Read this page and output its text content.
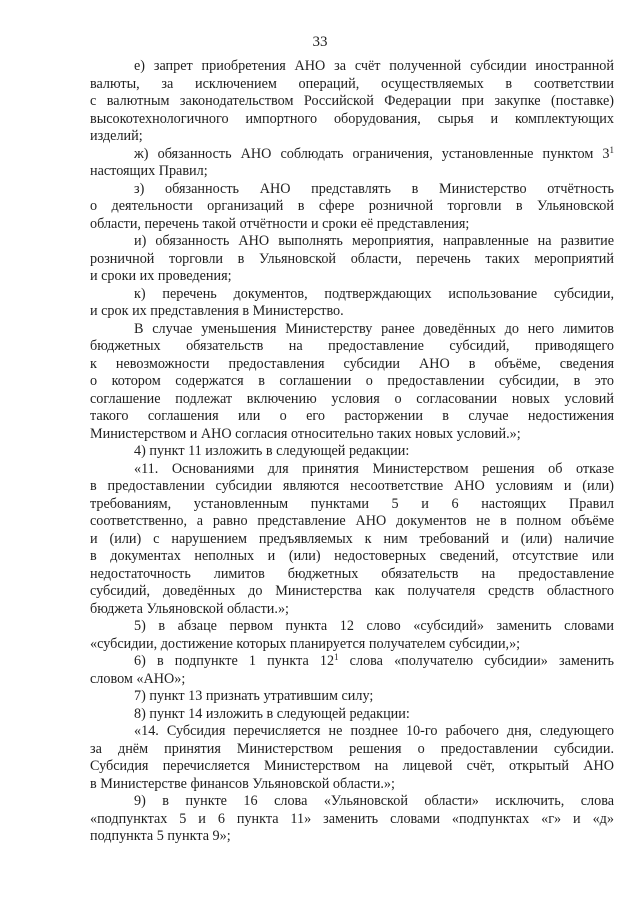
33
е) запрет приобретения АНО за счёт полученной субсидии иностранной
валюты, за исключением операций, осуществляемых в соответствии
с валютным законодательством Российской Федерации при закупке (поставке)
высокотехнологичного импортного оборудования, сырья и комплектующих
изделий;
ж) обязанность АНО соблюдать ограничения, установленные пунктом $3^1$
настоящих Правил;
з) обязанность АНО представлять в Министерство отчётность
о деятельности организаций в сфере розничной торговли в Ульяновской
области, перечень такой отчётности и сроки её представления;
и) обязанность АНО выполнять мероприятия, направленные на развитие
розничной торговли в Ульяновской области, перечень таких мероприятий
и сроки их проведения;
к) перечень документов, подтверждающих использование субсидии,
и срок их представления в Министерство.
В случае уменьшения Министерству ранее доведённых до него лимитов
бюджетных обязательств на предоставление субсидий, приводящего
к невозможности предоставления субсидии АНО в объёме, сведения
о котором содержатся в соглашении о предоставлении субсидии, в это
соглашение подлежат включению условия о согласовании новых условий
такого соглашения или о его расторжении в случае недостижения
Министерством и АНО согласия относительно таких новых условий.»;
4) пункт 11 изложить в следующей редакции:
«11. Основаниями для принятия Министерством решения об отказе
в предоставлении субсидии являются несоответствие АНО условиям и (или)
требованиям, установленным пунктами 5 и 6 настоящих Правил
соответственно, а равно представление АНО документов не в полном объёме
и (или) с нарушением предъявляемых к ним требований и (или) наличие
в документах неполных и (или) недостоверных сведений, отсутствие или
недостаточность лимитов бюджетных обязательств на предоставление
субсидий, доведённых до Министерства как получателя средств областного
бюджета Ульяновской области.»;
5) в абзаце первом пункта 12 слово «субсидий» заменить словами
«субсидии, достижение которых планируется получателем субсидии,»;
6) в подпункте 1 пункта $12^1$ слова «получателю субсидии» заменить
словом «АНО»;
7) пункт 13 признать утратившим силу;
8) пункт 14 изложить в следующей редакции:
«14. Субсидия перечисляется не позднее 10-го рабочего дня, следующего
за днём принятия Министерством решения о предоставлении субсидии.
Субсидия перечисляется Министерством на лицевой счёт, открытый АНО
в Министерстве финансов Ульяновской области.»;
9) в пункте 16 слова «Ульяновской области» исключить, слова
«подпунктах 5 и 6 пункта 11» заменить словами «подпунктах «г» и «д»
подпункта 5 пункта 9»;
